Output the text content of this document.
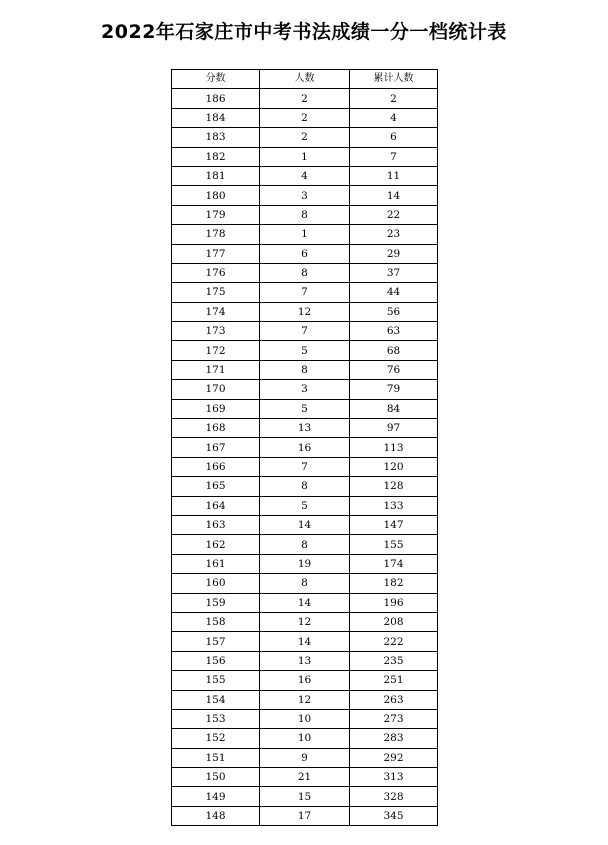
2022年石家庄市中考书法成绩一分一档统计表
分数	人数	累计人数
186	2	2
184	2	4
183	2	6
182	1	7
181	4	11
180	3	14
179	8	22
178	1	23
177	6	29
176	8	37
175	7	44
174	12	56
173	7	63
172	5	68
171	8	76
170	3	79
169	5	84
168	13	97
167	16	113
166	7	120
165	8	128
164	5	133
163	14	147
162	8	155
161	19	174
160	8	182
159	14	196
158	12	208
157	14	222
156	13	235
155	16	251
154	12	263
153	10	273
152	10	283
151	9	292
150	21	313
149	15	328
148	17	345
